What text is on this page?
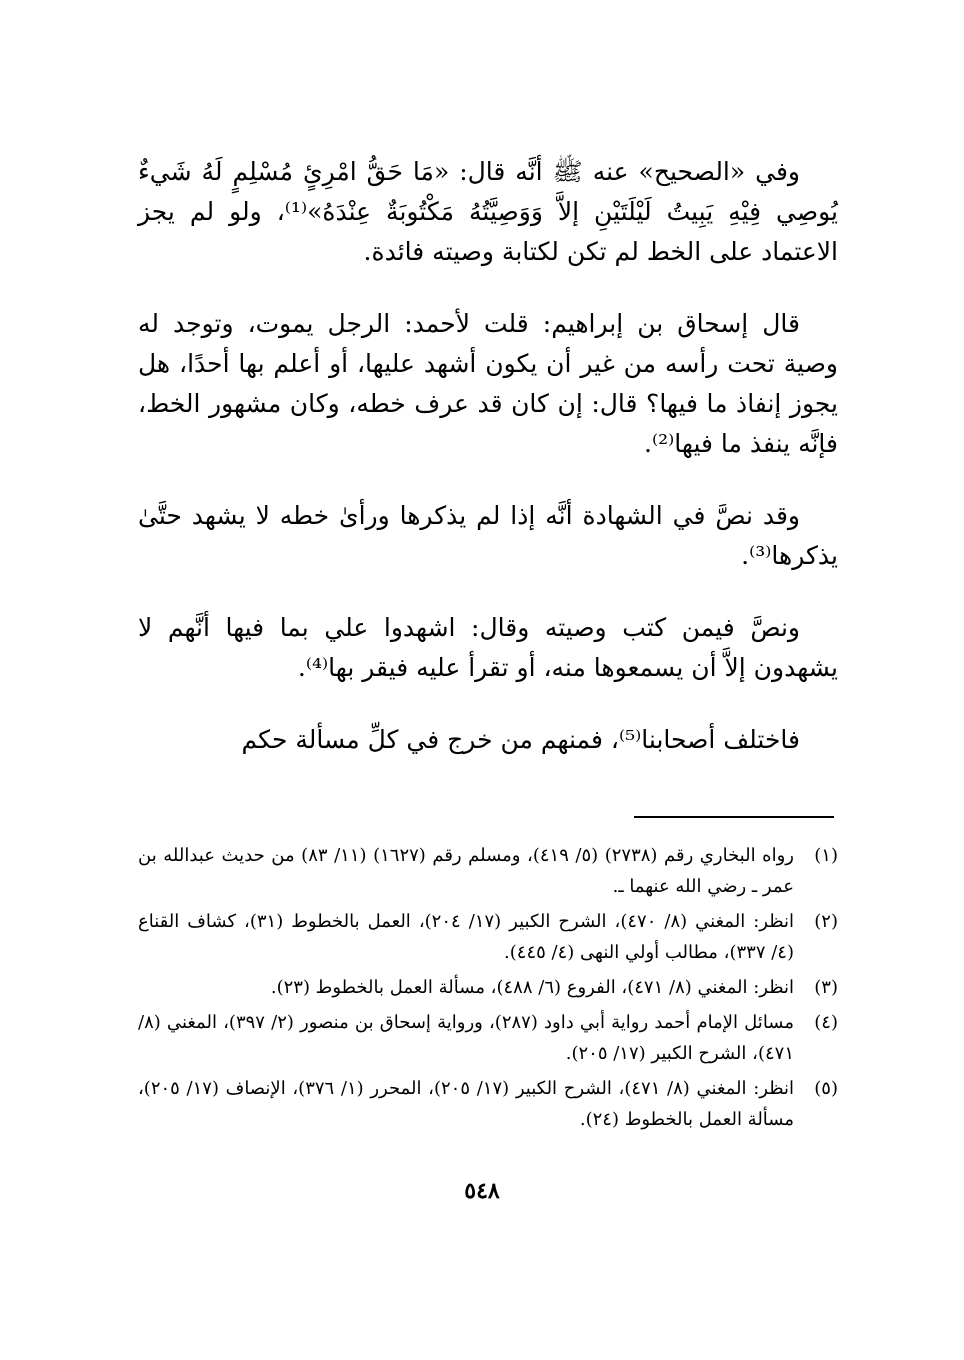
وفي «الصحيح» عنه ﷺ أنَّه قال: «مَا حَقُّ امْرِئٍ مُسْلِمٍ لَهُ شَيءٌ يُوصِي فِيْهِ يَبِيتُ لَيْلَتَيْنِ إلاَّ وَوَصِيَّتُهُ مَكْتُوبَةٌ عِنْدَهُ»⁽¹⁾، ولو لم يجز الاعتماد على الخط لم تكن لكتابة وصيته فائدة.

قال إسحاق بن إبراهيم: قلت لأحمد: الرجل يموت، وتوجد له وصية تحت رأسه من غير أن يكون أشهد عليها، أو أعلم بها أحدًا، هل يجوز إنفاذ ما فيها؟ قال: إن كان قد عرف خطه، وكان مشهور الخط، فإنَّه ينفذ ما فيها⁽²⁾.

وقد نصَّ في الشهادة أنَّه إذا لم يذكرها ورأىٰ خطه لا يشهد حتَّىٰ يذكرها⁽³⁾.

ونصَّ فيمن كتب وصيته وقال: اشهدوا علي بما فيها أنَّهم لا يشهدون إلاَّ أن يسمعوها منه، أو تقرأ عليه فيقر بها⁽⁴⁾.

فاختلف أصحابنا⁽⁵⁾، فمنهم من خرج في كلِّ مسألة حكم

(١)
رواه البخاري رقم (٢٧٣٨) (٥/ ٤١٩)، ومسلم رقم (١٦٢٧) (١١/ ٨٣) من حديث عبدالله بن عمر ـ رضي الله عنهما ـ.
(٢)
انظر: المغني (٨/ ٤٧٠)، الشرح الكبير (١٧/ ٢٠٤)، العمل بالخطوط (٣١)، كشاف القناع (٤/ ٣٣٧)، مطالب أولي النهى (٤/ ٤٤٥).
(٣)
انظر: المغني (٨/ ٤٧١)، الفروع (٦/ ٤٨٨)، مسألة العمل بالخطوط (٢٣).
(٤)
مسائل الإمام أحمد رواية أبي داود (٢٨٧)، ورواية إسحاق بن منصور (٢/ ٣٩٧)، المغني (٨/ ٤٧١)، الشرح الكبير (١٧/ ٢٠٥).
(٥)
انظر: المغني (٨/ ٤٧١)، الشرح الكبير (١٧/ ٢٠٥)، المحرر (١/ ٣٧٦)، الإنصاف (١٧/ ٢٠٥)، مسألة العمل بالخطوط (٢٤).
٥٤٨
